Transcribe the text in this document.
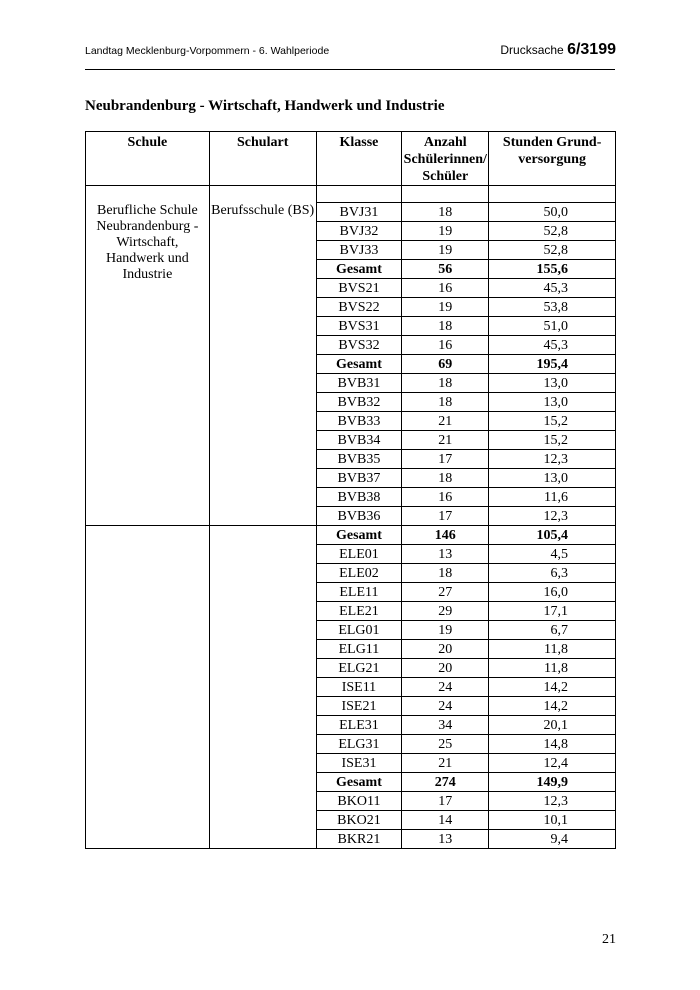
Landtag Mecklenburg-Vorpommern - 6. Wahlperiode	Drucksache 6/3199
Neubrandenburg - Wirtschaft, Handwerk und Industrie
Schule	Schulart	Klasse	Anzahl Schülerinnen/ Schüler	Stunden Grund-versorgung

Berufliche Schule Neubrandenburg - Wirtschaft, Handwerk und Industrie	Berufsschule (BS)	BVJ31	18	50,0
		BVJ32	19	52,8
		BVJ33	19	52,8
		Gesamt	56	155,6
		BVS21	16	45,3
		BVS22	19	53,8
		BVS31	18	51,0
		BVS32	16	45,3
		Gesamt	69	195,4
		BVB31	18	13,0
		BVB32	18	13,0
		BVB33	21	15,2
		BVB34	21	15,2
		BVB35	17	12,3
		BVB37	18	13,0
		BVB38	16	11,6
		BVB36	17	12,3
		Gesamt	146	105,4
		ELE01	13	4,5
		ELE02	18	6,3
		ELE11	27	16,0
		ELE21	29	17,1
		ELG01	19	6,7
		ELG11	20	11,8
		ELG21	20	11,8
		ISE11	24	14,2
		ISE21	24	14,2
		ELE31	34	20,1
		ELG31	25	14,8
		ISE31	21	12,4
		Gesamt	274	149,9
		BKO11	17	12,3
		BKO21	14	10,1
		BKR21	13	9,4
21
